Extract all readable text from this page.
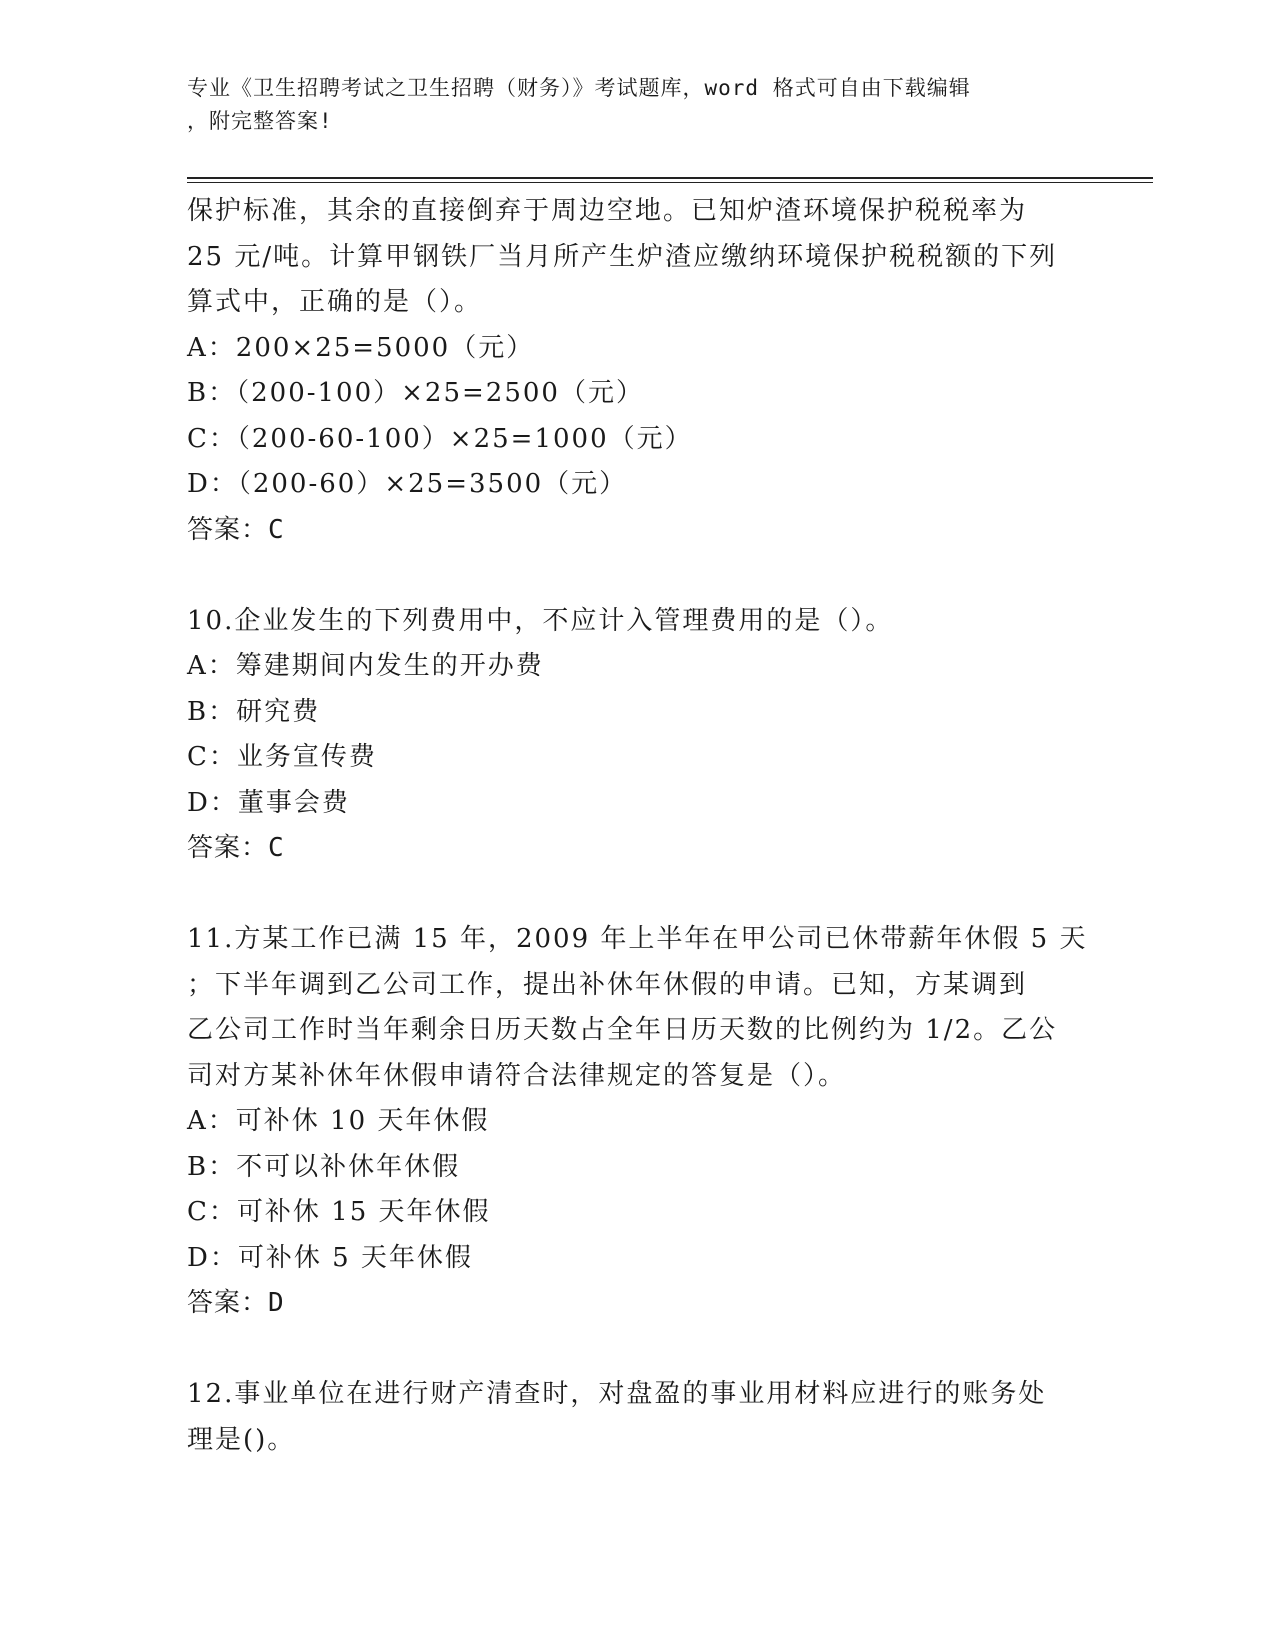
专业《卫生招聘考试之卫生招聘（财务）》考试题库，word 格式可自由下载编辑
，附完整答案!
保护标准，其余的直接倒弃于周边空地。已知炉渣环境保护税税率为
25 元/吨。计算甲钢铁厂当月所产生炉渣应缴纳环境保护税税额的下列
算式中，正确的是（）。
A：200×25=5000（元）
B：（200-100）×25=2500（元）
C：（200-60-100）×25=1000（元）
D：（200-60）×25=3500（元）
答案：C
10.企业发生的下列费用中，不应计入管理费用的是（）。
A：筹建期间内发生的开办费
B：研究费
C：业务宣传费
D：董事会费
答案：C
11.方某工作已满 15 年，2009 年上半年在甲公司已休带薪年休假 5 天
；下半年调到乙公司工作，提出补休年休假的申请。已知，方某调到
乙公司工作时当年剩余日历天数占全年日历天数的比例约为 1/2。乙公
司对方某补休年休假申请符合法律规定的答复是（）。
A：可补休 10 天年休假
B：不可以补休年休假
C：可补休 15 天年休假
D：可补休 5 天年休假
答案：D
12.事业单位在进行财产清查时，对盘盈的事业用材料应进行的账务处
理是()。
